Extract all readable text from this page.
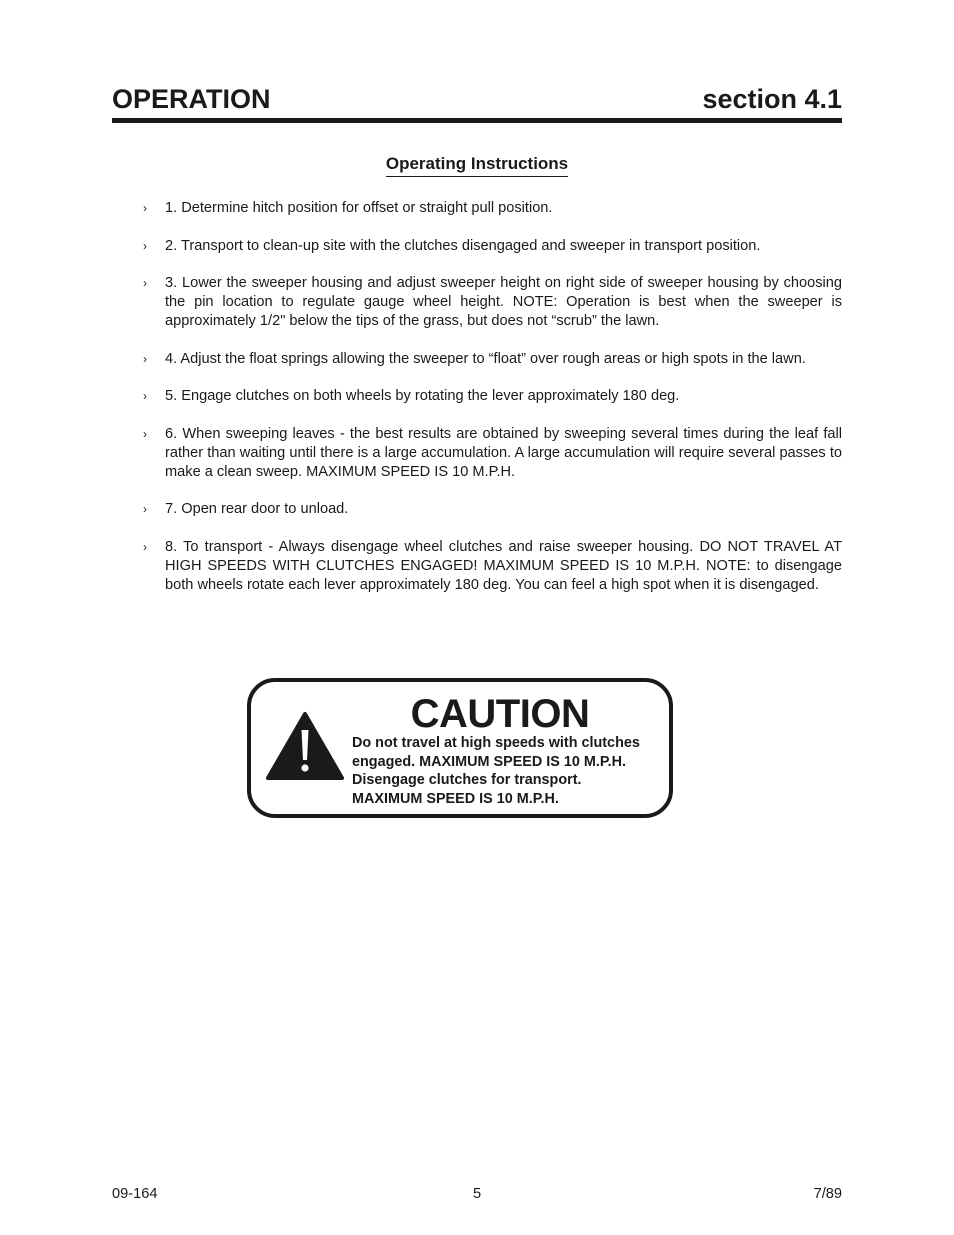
OPERATION	section 4.1
Operating Instructions
› 1. Determine hitch position for offset or straight pull position.
› 2. Transport to clean-up site with the clutches disengaged and sweeper in transport position.
› 3. Lower the sweeper housing and adjust sweeper height on right side of sweeper housing by choosing the pin location to regulate gauge wheel height. NOTE: Operation is best when the sweeper is approximately 1/2" below the tips of the grass, but does not “scrub” the lawn.
› 4. Adjust the float springs allowing the sweeper to “float” over rough areas or high spots in the lawn.
› 5. Engage clutches on both wheels by rotating the lever approximately 180 deg.
› 6. When sweeping leaves - the best results are obtained by sweeping several times during the leaf fall rather than waiting until there is a large accumulation. A large accumulation will require several passes to make a clean sweep. MAXIMUM SPEED IS 10 M.P.H.
› 7. Open rear door to unload.
› 8. To transport - Always disengage wheel clutches and raise sweeper housing. DO NOT TRAVEL AT HIGH SPEEDS WITH CLUTCHES ENGAGED! MAXIMUM SPEED IS 10 M.P.H. NOTE: to disengage both wheels rotate each lever approximately 180 deg. You can feel a high spot when it is disengaged.
CAUTION
Do not travel at high speeds with clutches
engaged. MAXIMUM SPEED IS 10 M.P.H.
Disengage clutches for transport.
MAXIMUM SPEED IS 10 M.P.H.
09-164	5	7/89
